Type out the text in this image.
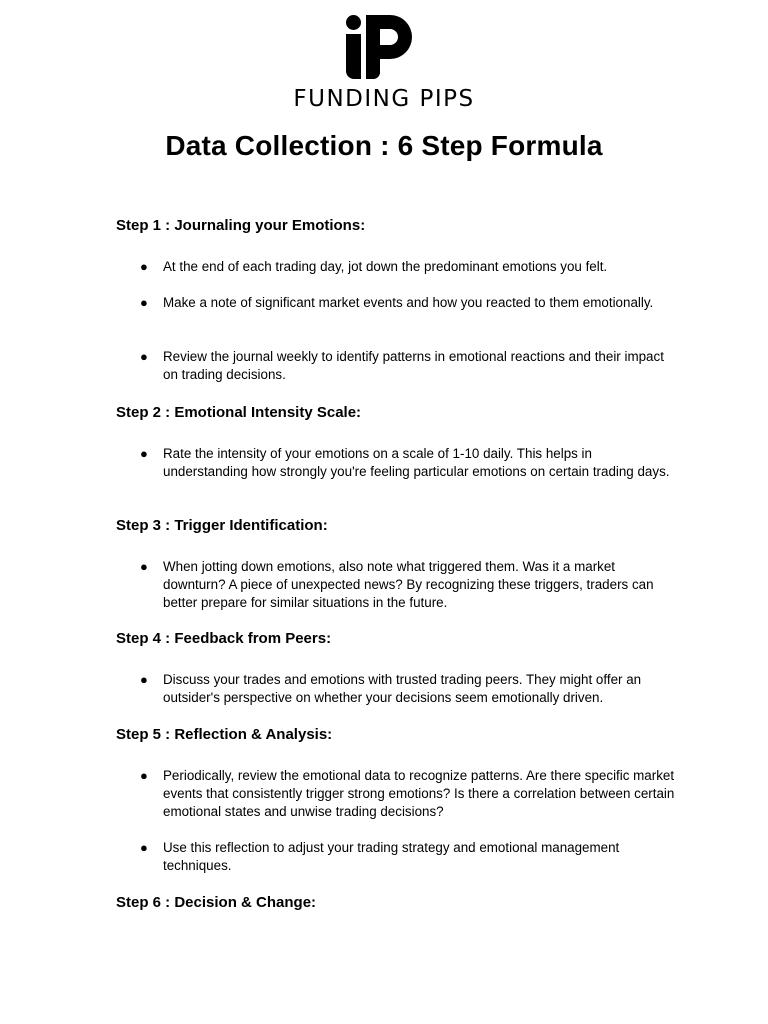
FUNDING PIPS
Data Collection : 6 Step Formula
Step 1 : Journaling your Emotions:
● At the end of each trading day, jot down the predominant emotions you felt.
● Make a note of significant market events and how you reacted to them emotionally.
● Review the journal weekly to identify patterns in emotional reactions and their impact on trading decisions.
Step 2 : Emotional Intensity Scale:
● Rate the intensity of your emotions on a scale of 1-10 daily. This helps in understanding how strongly you're feeling particular emotions on certain trading days.
Step 3 : Trigger Identification:
● When jotting down emotions, also note what triggered them. Was it a market downturn? A piece of unexpected news? By recognizing these triggers, traders can better prepare for similar situations in the future.
Step 4 : Feedback from Peers:
● Discuss your trades and emotions with trusted trading peers. They might offer an outsider's perspective on whether your decisions seem emotionally driven.
Step 5 : Reflection & Analysis:
● Periodically, review the emotional data to recognize patterns. Are there specific market events that consistently trigger strong emotions? Is there a correlation between certain emotional states and unwise trading decisions?
● Use this reflection to adjust your trading strategy and emotional management techniques.
Step 6 : Decision & Change:
